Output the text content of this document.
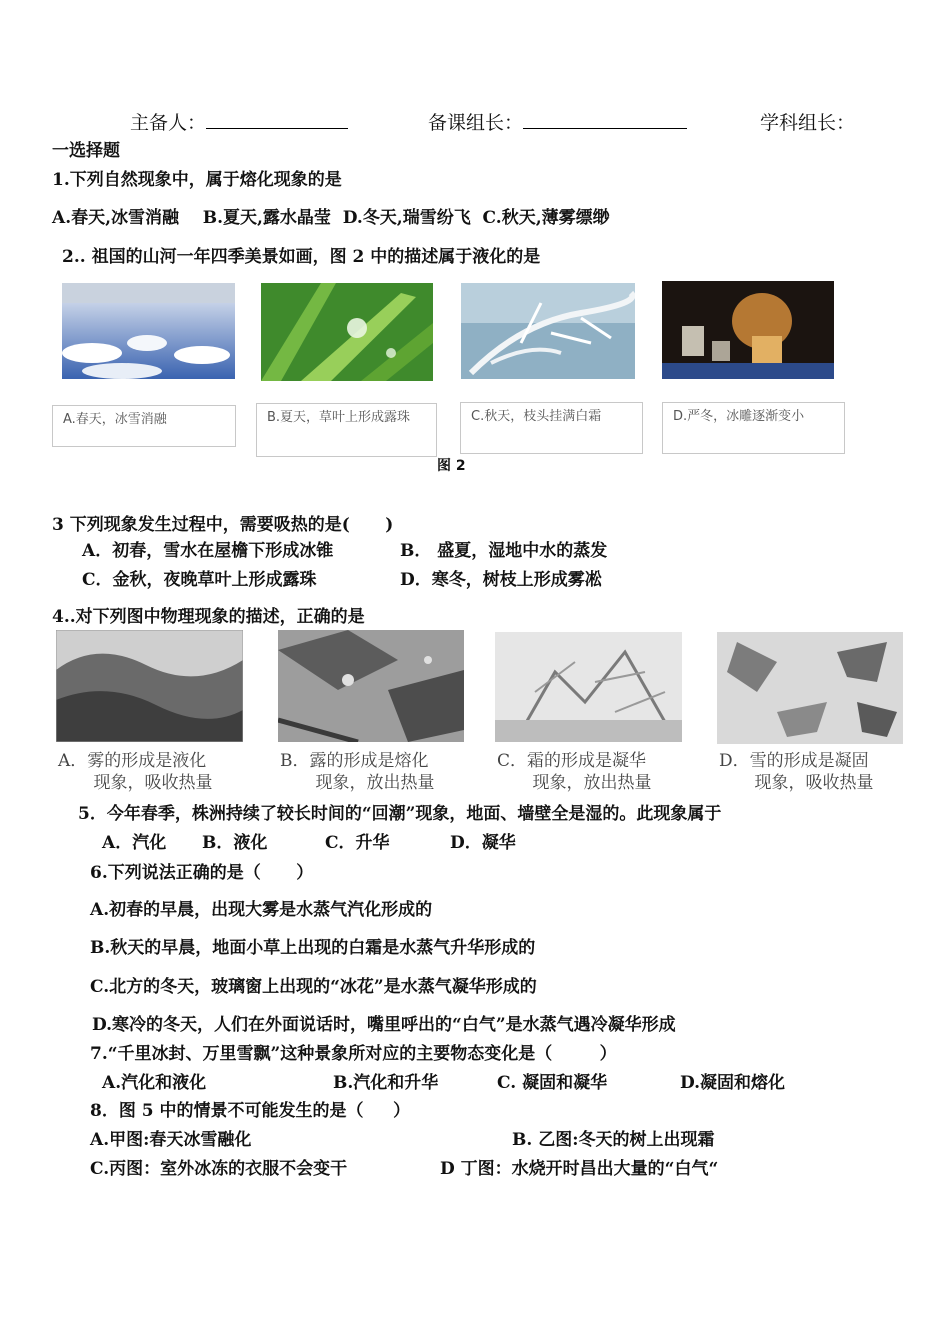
主备人：	备课组长：	学科组长：
一选择题
1.下列自然现象中，属于熔化现象的是
A.春天,冰雪消融    B.夏天,露水晶莹  D.冬天,瑞雪纷飞  C.秋天,薄雾缥缈
2.. 祖国的山河一年四季美景如画，图 2 中的描述属于液化的是
A.春天，冰雪消融	B.夏天，草叶上形成露珠	C.秋天，枝头挂满白霜	D.严冬，冰雕逐渐变小
图 2
3 下列现象发生过程中，需要吸热的是(      )
A．初春，雪水在屋檐下形成冰锥	B． 盛夏，湿地中水的蒸发
C．金秋，夜晚草叶上形成露珠	D．寒冬，树枝上形成雾凇
4..对下列图中物理现象的描述，正确的是
A．雾的形成是液化
现象，吸收热量
B．露的形成是熔化
现象，放出热量
C．霜的形成是凝华
现象，放出热量
D．雪的形成是凝固
现象，吸收热量
5．今年春季，株洲持续了较长时间的“回潮”现象，地面、墙壁全是湿的。此现象属于
A．汽化 B．液化	C．升华	D．凝华
6.下列说法正确的是（      ）
A.初春的早晨，出现大雾是水蒸气汽化形成的
B.秋天的早晨，地面小草上出现的白霜是水蒸气升华形成的
C.北方的冬天，玻璃窗上出现的“冰花”是水蒸气凝华形成的
D.寒冷的冬天，人们在外面说话时，嘴里呼出的“白气”是水蒸气遇冷凝华形成
7.“千里冰封、万里雪飘”这种景象所对应的主要物态变化是（        ）
A.汽化和液化	B.汽化和升华	C. 凝固和凝华	D.凝固和熔化
8．图 5 中的情景不可能发生的是（     ）
A.甲图:春天冰雪融化	B. 乙图:冬天的树上出现霜
C.丙图：室外冰冻的衣服不会变干	D 丁图：水烧开时昌出大量的“白气“
